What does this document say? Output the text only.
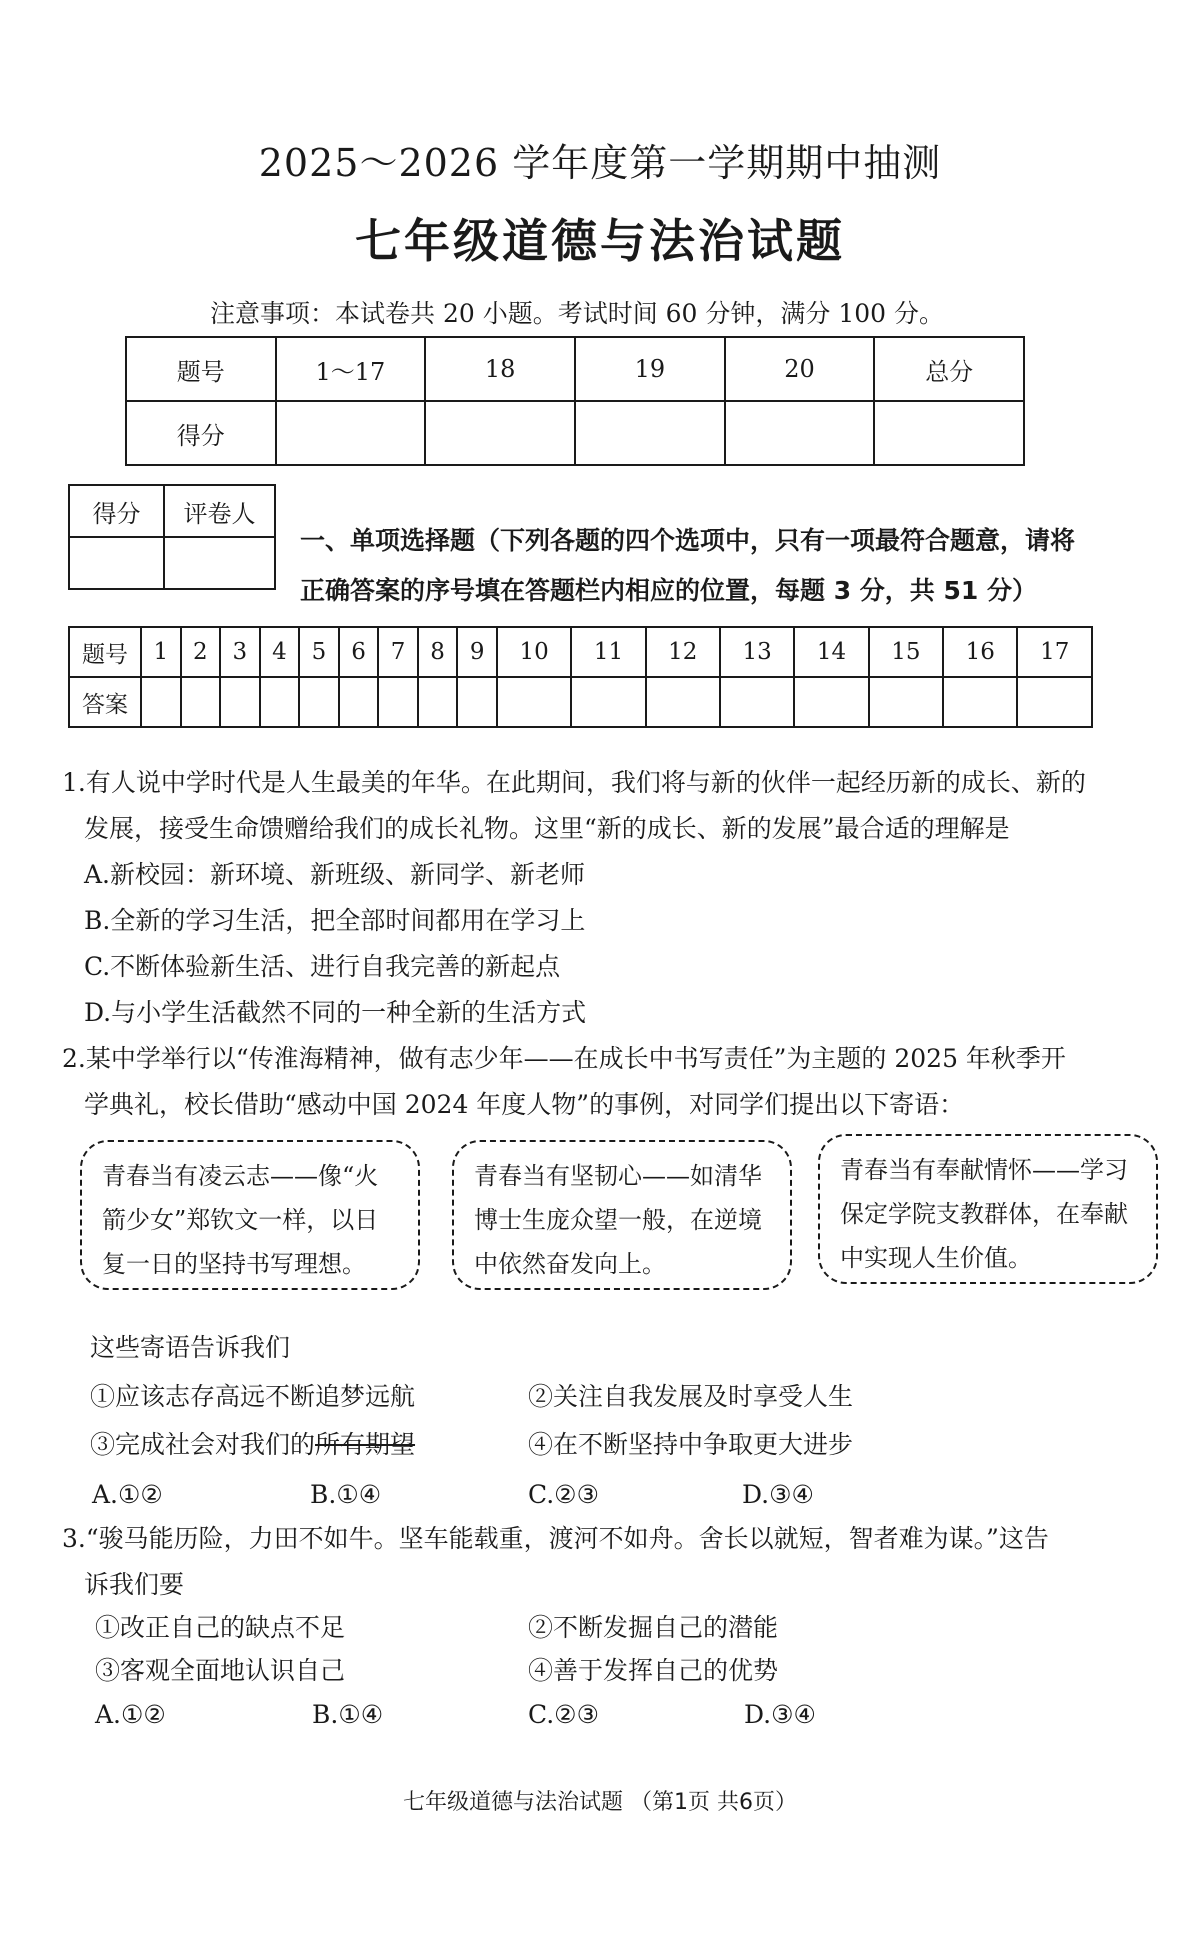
2025～2026 学年度第一学期期中抽测
七年级道德与法治试题
注意事项：本试卷共 20 小题。考试时间 60 分钟，满分 100 分。
题号	1～17	18	19	20	总分
得分					
得分	评卷人

一、单项选择题（下列各题的四个选项中，只有一项最符合题意，请将
正确答案的序号填在答题栏内相应的位置，每题 3 分，共 51 分）
题号	1	2	3	4	5	6	7	8	9	10	11	12	13	14	15	16	17
答案																	
1.有人说中学时代是人生最美的年华。在此期间，我们将与新的伙伴一起经历新的成长、新的
发展，接受生命馈赠给我们的成长礼物。这里“新的成长、新的发展”最合适的理解是
A.新校园：新环境、新班级、新同学、新老师
B.全新的学习生活，把全部时间都用在学习上
C.不断体验新生活、进行自我完善的新起点
D.与小学生活截然不同的一种全新的生活方式
2.某中学举行以“传淮海精神，做有志少年——在成长中书写责任”为主题的 2025 年秋季开
学典礼，校长借助“感动中国 2024 年度人物”的事例，对同学们提出以下寄语：
青春当有凌云志——像“火箭少女”郑钦文一样，以日复一日的坚持书写理想。
青春当有坚韧心——如清华博士生庞众望一般，在逆境中依然奋发向上。
青春当有奉献情怀——学习保定学院支教群体，在奉献中实现人生价值。
这些寄语告诉我们
①应该志存高远不断追梦远航	②关注自我发展及时享受人生
③完成社会对我们的所有期望	④在不断坚持中争取更大进步
A.①②	B.①④	C.②③	D.③④
3.“骏马能历险，力田不如牛。坚车能载重，渡河不如舟。舍长以就短，智者难为谋。”这告
诉我们要
①改正自己的缺点不足	②不断发掘自己的潜能
③客观全面地认识自己	④善于发挥自己的优势
A.①②	B.①④	C.②③	D.③④
七年级道德与法治试题 （第1页 共6页）
